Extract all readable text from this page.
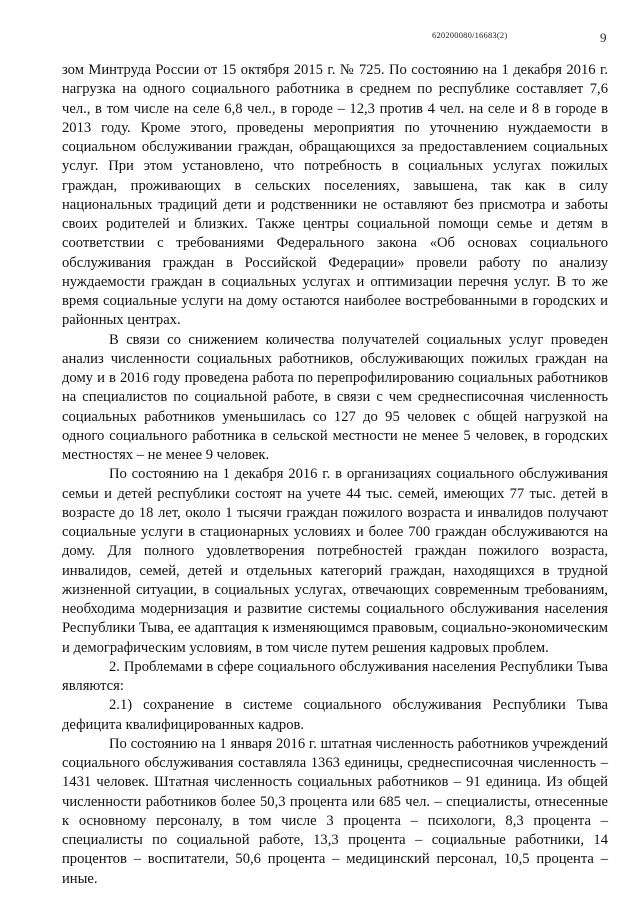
620200080/16683(2)	9

зом Минтруда России от 15 октября 2015 г. № 725. По состоянию на 1 декабря 2016 г. нагрузка на одного социального работника в среднем по республике составляет 7,6 чел., в том числе на селе 6,8 чел., в городе – 12,3 против 4 чел. на селе и 8 в городе в 2013 году. Кроме этого, проведены мероприятия по уточнению нуждаемости в социальном обслуживании граждан, обращающихся за предоставлением социальных услуг. При этом установлено, что потребность в социальных услугах пожилых граждан, проживающих в сельских поселениях, завышена, так как в силу национальных традиций дети и родственники не оставляют без присмотра и заботы своих родителей и близких. Также центры социальной помощи семье и детям в соответствии с требованиями Федерального закона «Об основах социального обслуживания граждан в Российской Федерации» провели работу по анализу нуждаемости граждан в социальных услугах и оптимизации перечня услуг. В то же время социальные услуги на дому остаются наиболее востребованными в городских и районных центрах.

В связи со снижением количества получателей социальных услуг проведен анализ численности социальных работников, обслуживающих пожилых граждан на дому и в 2016 году проведена работа по перепрофилированию социальных работников на специалистов по социальной работе, в связи с чем среднесписочная численность социальных работников уменьшилась со 127 до 95 человек с общей нагрузкой на одного социального работника в сельской местности не менее 5 человек, в городских местностях – не менее 9 человек.

По состоянию на 1 декабря 2016 г. в организациях социального обслуживания семьи и детей республики состоят на учете 44 тыс. семей, имеющих 77 тыс. детей в возрасте до 18 лет, около 1 тысячи граждан пожилого возраста и инвалидов получают социальные услуги в стационарных условиях и более 700 граждан обслуживаются на дому. Для полного удовлетворения потребностей граждан пожилого возраста, инвалидов, семей, детей и отдельных категорий граждан, находящихся в трудной жизненной ситуации, в социальных услугах, отвечающих современным требованиям, необходима модернизация и развитие системы социального обслуживания населения Республики Тыва, ее адаптация к изменяющимся правовым, социально-экономическим и демографическим условиям, в том числе путем решения кадровых проблем.

2. Проблемами в сфере социального обслуживания населения Республики Тыва являются:

2.1) сохранение в системе социального обслуживания Республики Тыва дефицита квалифицированных кадров.

По состоянию на 1 января 2016 г. штатная численность работников учреждений социального обслуживания составляла 1363 единицы, среднесписочная численность – 1431 человек. Штатная численность социальных работников – 91 единица. Из общей численности работников более 50,3 процента или 685 чел. – специалисты, отнесенные к основному персоналу, в том числе 3 процента – психологи, 8,3 процента – специалисты по социальной работе, 13,3 процента – социальные работники, 14 процентов – воспитатели, 50,6 процента – медицинский персонал, 10,5 процента – иные.
